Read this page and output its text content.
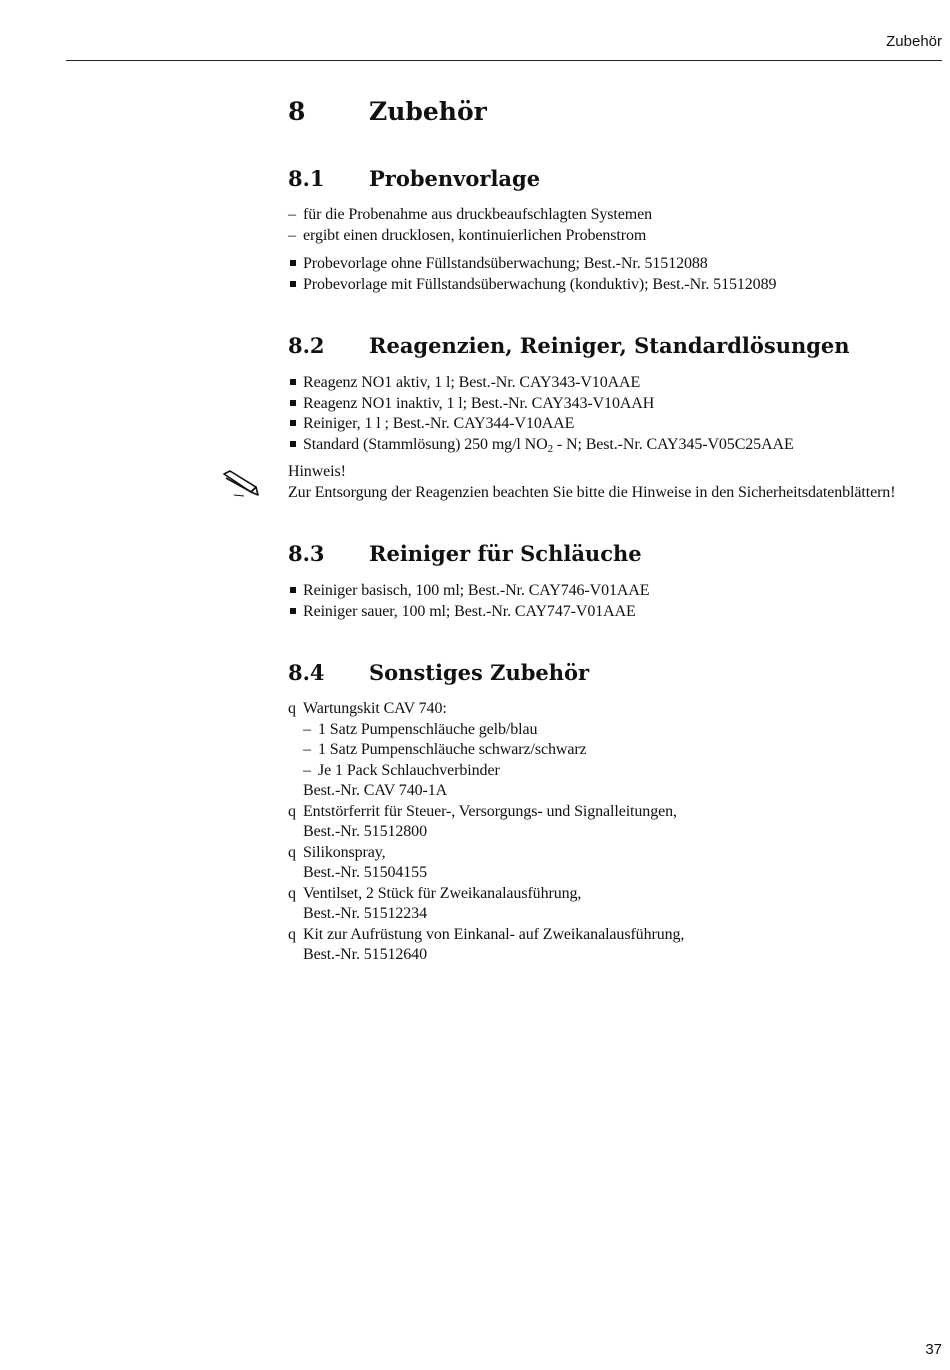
Zubehör
8	Zubehör
8.1	Probenvorlage
– für die Probenahme aus druckbeaufschlagten Systemen
– ergibt einen drucklosen, kontinuierlichen Probenstrom
Probevorlage ohne Füllstandsüberwachung; Best.-Nr. 51512088
Probevorlage mit Füllstandsüberwachung (konduktiv); Best.-Nr. 51512089
8.2	Reagenzien, Reiniger, Standardlösungen
Reagenz NO1 aktiv, 1 l; Best.-Nr. CAY343-V10AAE
Reagenz NO1 inaktiv, 1 l; Best.-Nr. CAY343-V10AAH
Reiniger, 1 l ; Best.-Nr. CAY344-V10AAE
Standard (Stammlösung) 250 mg/l $NO_2$ - N; Best.-Nr. CAY345-V05C25AAE
Hinweis!
Zur Entsorgung der Reagenzien beachten Sie bitte die Hinweise in den Sicherheitsdatenblättern!
8.3	Reiniger für Schläuche
Reiniger basisch, 100 ml; Best.-Nr. CAY746-V01AAE
Reiniger sauer, 100 ml; Best.-Nr. CAY747-V01AAE
8.4	Sonstiges Zubehör
q Wartungskit CAV 740:
– 1 Satz Pumpenschläuche gelb/blau
– 1 Satz Pumpenschläuche schwarz/schwarz
– Je 1 Pack Schlauchverbinder
Best.-Nr. CAV 740-1A
q Entstörferrit für Steuer-, Versorgungs- und Signalleitungen,
Best.-Nr. 51512800
q Silikonspray,
Best.-Nr. 51504155
q Ventilset, 2 Stück für Zweikanalausführung,
Best.-Nr. 51512234
q Kit zur Aufrüstung von Einkanal- auf Zweikanalausführung,
Best.-Nr. 51512640
37
